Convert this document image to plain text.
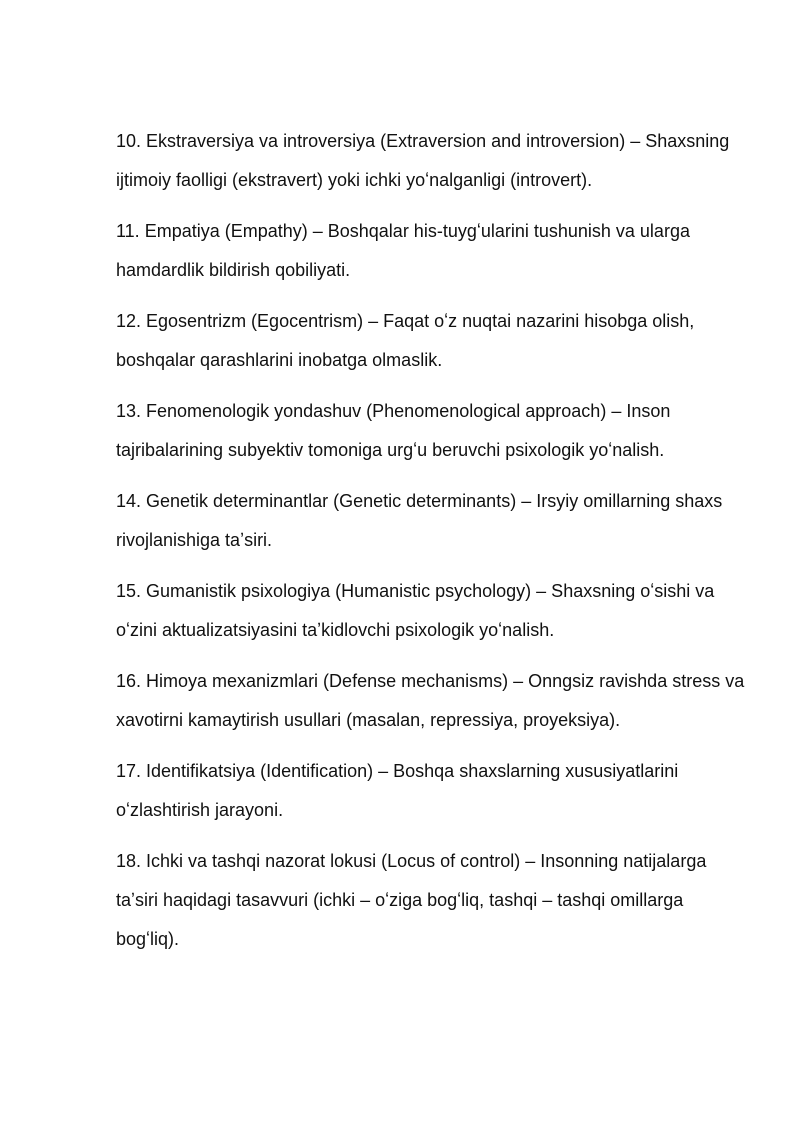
10. Ekstraversiya va introversiya (Extraversion and introversion) – Shaxsning ijtimoiy faolligi (ekstravert) yoki ichki yoʻnalganligi (introvert).

11. Empatiya (Empathy) – Boshqalar his-tuygʻularini tushunish va ularga hamdardlik bildirish qobiliyati.

12. Egosentrizm (Egocentrism) – Faqat oʻz nuqtai nazarini hisobga olish, boshqalar qarashlarini inobatga olmaslik.

13. Fenomenologik yondashuv (Phenomenological approach) – Inson tajribalarining subyektiv tomoniga urgʻu beruvchi psixologik yoʻnalish.

14. Genetik determinantlar (Genetic determinants) – Irsyiy omillarning shaxs rivojlanishiga taʼsiri.

15. Gumanistik psixologiya (Humanistic psychology) – Shaxsning oʻsishi va oʻzini aktualizatsiyasini taʼkidlovchi psixologik yoʻnalish.

16. Himoya mexanizmlari (Defense mechanisms) – Onngsiz ravishda stress va xavotirni kamaytirish usullari (masalan, repressiya, proyeksiya).

17. Identifikatsiya (Identification) – Boshqa shaxslarning xususiyatlarini oʻzlashtirish jarayoni.

18. Ichki va tashqi nazorat lokusi (Locus of control) – Insonning natijalarga taʼsiri haqidagi tasavvuri (ichki – oʻziga bogʻliq, tashqi – tashqi omillarga bogʻliq).
